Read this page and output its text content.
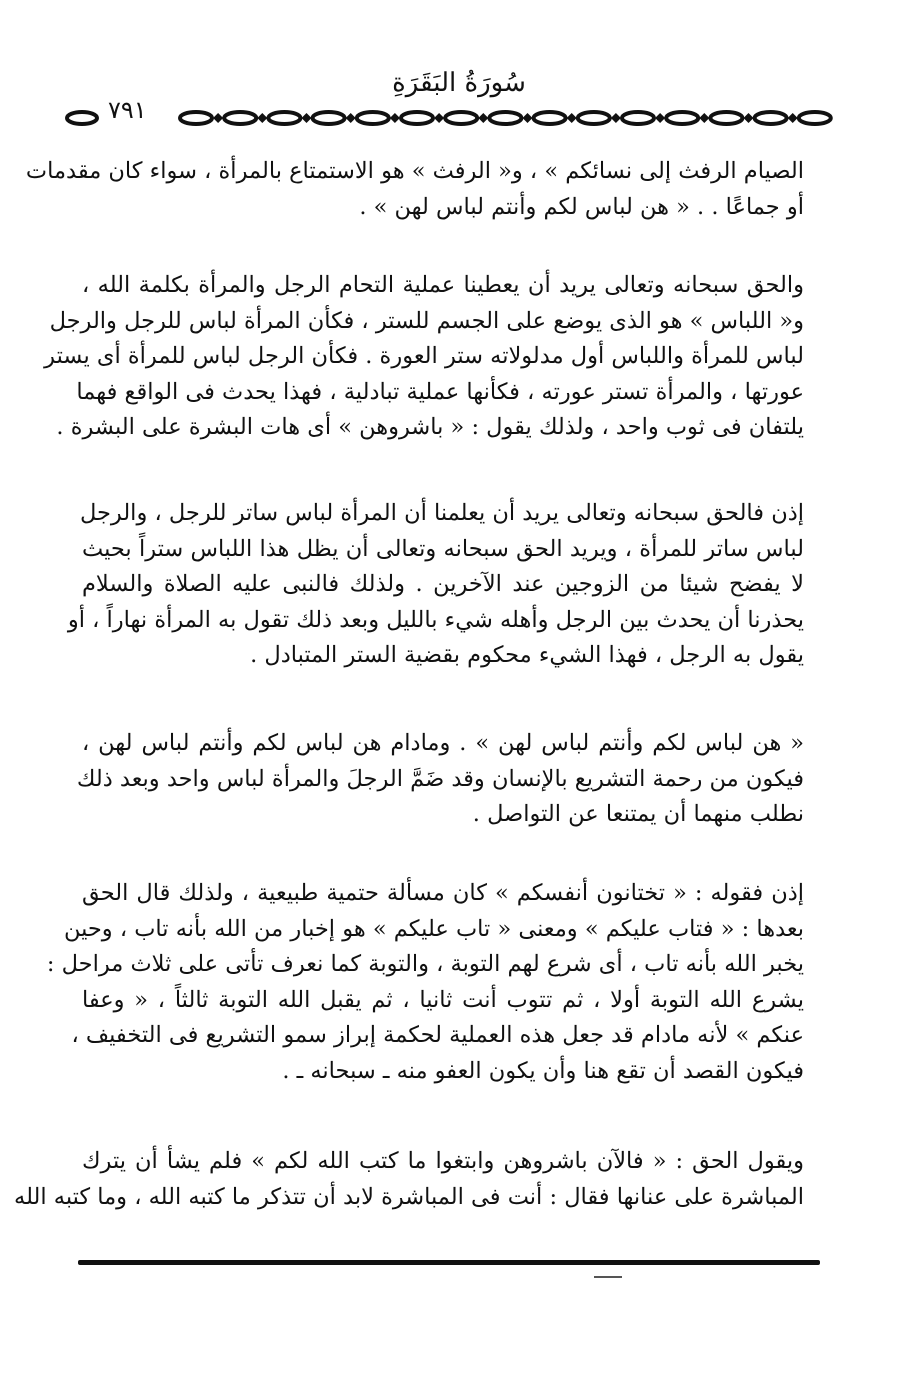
سُورَةُ البَقَرَةِ
٧٩١
الصيام الرفث إلى نسائكم » ، و« الرفث » هو الاستمتاع بالمرأة ، سواء كان مقدمات
أو جماعًا . . « هن لباس لكم وأنتم لباس لهن » .
والحق سبحانه وتعالى يريد أن يعطينا عملية التحام الرجل والمرأة بكلمة الله ،
و« اللباس » هو الذى يوضع على الجسم للستر ، فكأن المرأة لباس للرجل والرجل
لباس للمرأة واللباس أول مدلولاته ستر العورة . فكأن الرجل لباس للمرأة أى يستر
عورتها ، والمرأة تستر عورته ، فكأنها عملية تبادلية ، فهذا يحدث فى الواقع فهما
يلتفان فى ثوب واحد ، ولذلك يقول : « باشروهن » أى هات البشرة على البشرة .
إذن فالحق سبحانه وتعالى يريد أن يعلمنا أن المرأة لباس ساتر للرجل ، والرجل
لباس ساتر للمرأة ، ويريد الحق سبحانه وتعالى أن يظل هذا اللباس ستراً بحيث
لا يفضح شيئا من الزوجين عند الآخرين . ولذلك فالنبى عليه الصلاة والسلام
يحذرنا أن يحدث بين الرجل وأهله شيء بالليل وبعد ذلك تقول به المرأة نهاراً ، أو
يقول به الرجل ، فهذا الشيء محكوم بقضية الستر المتبادل .
« هن لباس لكم وأنتم لباس لهن » . ومادام هن لباس لكم وأنتم لباس لهن ،
فيكون من رحمة التشريع بالإنسان وقد ضَمَّ الرجلَ والمرأة لباس واحد وبعد ذلك
نطلب منهما أن يمتنعا عن التواصل .
إذن فقوله : « تختانون أنفسكم » كان مسألة حتمية طبيعية ، ولذلك قال الحق
بعدها : « فتاب عليكم » ومعنى « تاب عليكم » هو إخبار من الله بأنه تاب ، وحين
يخبر الله بأنه تاب ، أى شرع لهم التوبة ، والتوبة كما نعرف تأتى على ثلاث مراحل :
يشرع الله التوبة أولا ، ثم تتوب أنت ثانيا ، ثم يقبل الله التوبة ثالثاً ، « وعفا
عنكم » لأنه مادام قد جعل هذه العملية لحكمة إبراز سمو التشريع فى التخفيف ،
فيكون القصد أن تقع هنا وأن يكون العفو منه ـ سبحانه ـ .
ويقول الحق : « فالآن باشروهن وابتغوا ما كتب الله لكم » فلم يشأ أن يترك
المباشرة على عنانها فقال : أنت فى المباشرة لابد أن تتذكر ما كتبه الله ، وما كتبه الله
